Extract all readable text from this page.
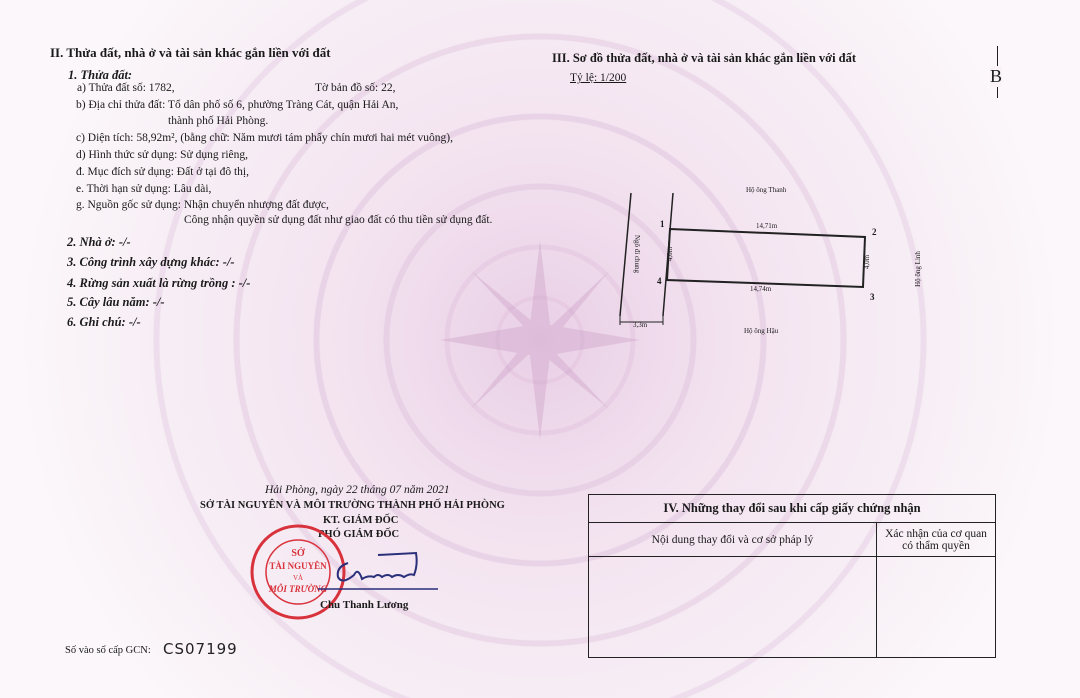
II. Thửa đất, nhà ở và tài sản khác gắn liền với đất
1. Thửa đất:
a) Thửa đất số: 1782,	Tờ bản đồ số: 22,
b) Địa chỉ thửa đất: Tổ dân phố số 6, phường Tràng Cát, quận Hải An,
thành phố Hải Phòng.
c) Diện tích: 58,92m², (bằng chữ: Năm mươi tám phẩy chín mươi hai mét vuông),
d) Hình thức sử dụng: Sử dụng riêng,
đ. Mục đích sử dụng: Đất ở tại đô thị,
e. Thời hạn sử dụng: Lâu dài,
g. Nguồn gốc sử dụng: Nhận chuyển nhượng đất được,
Công nhận quyền sử dụng đất như giao đất có thu tiền sử dụng đất.
2. Nhà ở: -/-
3. Công trình xây dựng khác: -/-
4. Rừng sản xuất là rừng trồng : -/-
5. Cây lâu năm: -/-
6. Ghi chú: -/-
III. Sơ đồ thửa đất, nhà ở và tài sản khác gắn liền với đất
Tỷ lệ: 1/200	B
Hộ ông Thanh
Hộ ông Hậu
Hộ ông Linh
Ngõ đi chung
1
2
3
4
14,71m
14,74m
4,0m
4,0m
3,3m
Hải Phòng, ngày 22 tháng 07 năm 2021
SỞ TÀI NGUYÊN VÀ MÔI TRƯỜNG THÀNH PHỐ HẢI PHÒNG
KT. GIÁM ĐỐC
PHÓ GIÁM ĐỐC
SỞ
TÀI NGUYÊN
VÀ
MÔI TRƯỜNG
Chu Thanh Lương
Số vào sổ cấp GCN: CS07199
IV. Những thay đổi sau khi cấp giấy chứng nhận	
Nội dung thay đổi và cơ sở pháp lý	Xác nhận của cơ quan
có thẩm quyền
